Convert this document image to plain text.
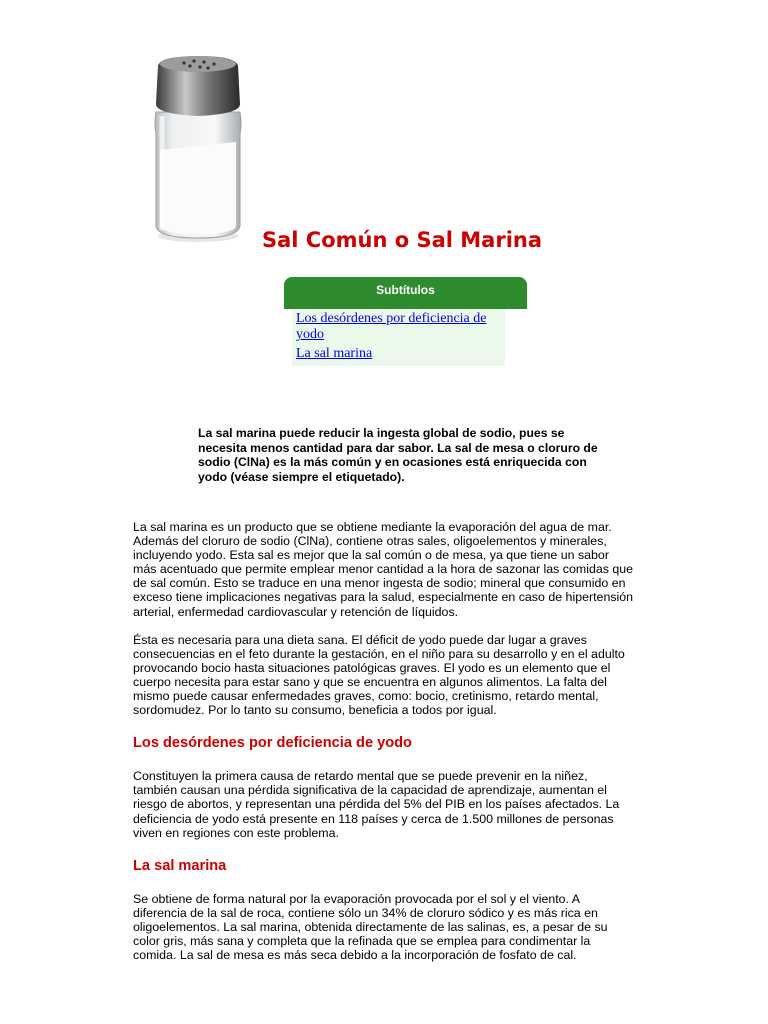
Sal Común o Sal Marina
Subtítulos
Los desórdenes por deficiencia de yodo
La sal marina

La sal marina puede reducir la ingesta global de sodio, pues se necesita menos cantidad para dar sabor. La sal de mesa o cloruro de sodio (ClNa) es la más común y en ocasiones está enriquecida con yodo (véase siempre el etiquetado).

La sal marina es un producto que se obtiene mediante la evaporación del agua de mar. Además del cloruro de sodio (ClNa), contiene otras sales, oligoelementos y minerales, incluyendo yodo. Esta sal es mejor que la sal común o de mesa, ya que tiene un sabor más acentuado que permite emplear menor cantidad a la hora de sazonar las comidas que de sal común. Esto se traduce en una menor ingesta de sodio; mineral que consumido en exceso tiene implicaciones negativas para la salud, especialmente en caso de hipertensión arterial, enfermedad cardiovascular y retención de líquidos.

Ésta es necesaria para una dieta sana. El déficit de yodo puede dar lugar a graves consecuencias en el feto durante la gestación, en el niño para su desarrollo y en el adulto provocando bocio hasta situaciones patológicas graves. El yodo es un elemento que el cuerpo necesita para estar sano y que se encuentra en algunos alimentos. La falta del mismo puede causar enfermedades graves, como: bocio, cretinismo, retardo mental, sordomudez. Por lo tanto su consumo, beneficia a todos por igual.

Los desórdenes por deficiencia de yodo

Constituyen la primera causa de retardo mental que se puede prevenir en la niñez, también causan una pérdida significativa de la capacidad de aprendizaje, aumentan el riesgo de abortos, y representan una pérdida del 5% del PIB en los países afectados. La deficiencia de yodo está presente en 118 países y cerca de 1.500 millones de personas viven en regiones con este problema.

La sal marina

Se obtiene de forma natural por la evaporación provocada por el sol y el viento. A diferencia de la sal de roca, contiene sólo un 34% de cloruro sódico y es más rica en oligoelementos. La sal marina, obtenida directamente de las salinas, es, a pesar de su color gris, más sana y completa que la refinada que se emplea para condimentar la comida. La sal de mesa es más seca debido a la incorporación de fosfato de cal.
